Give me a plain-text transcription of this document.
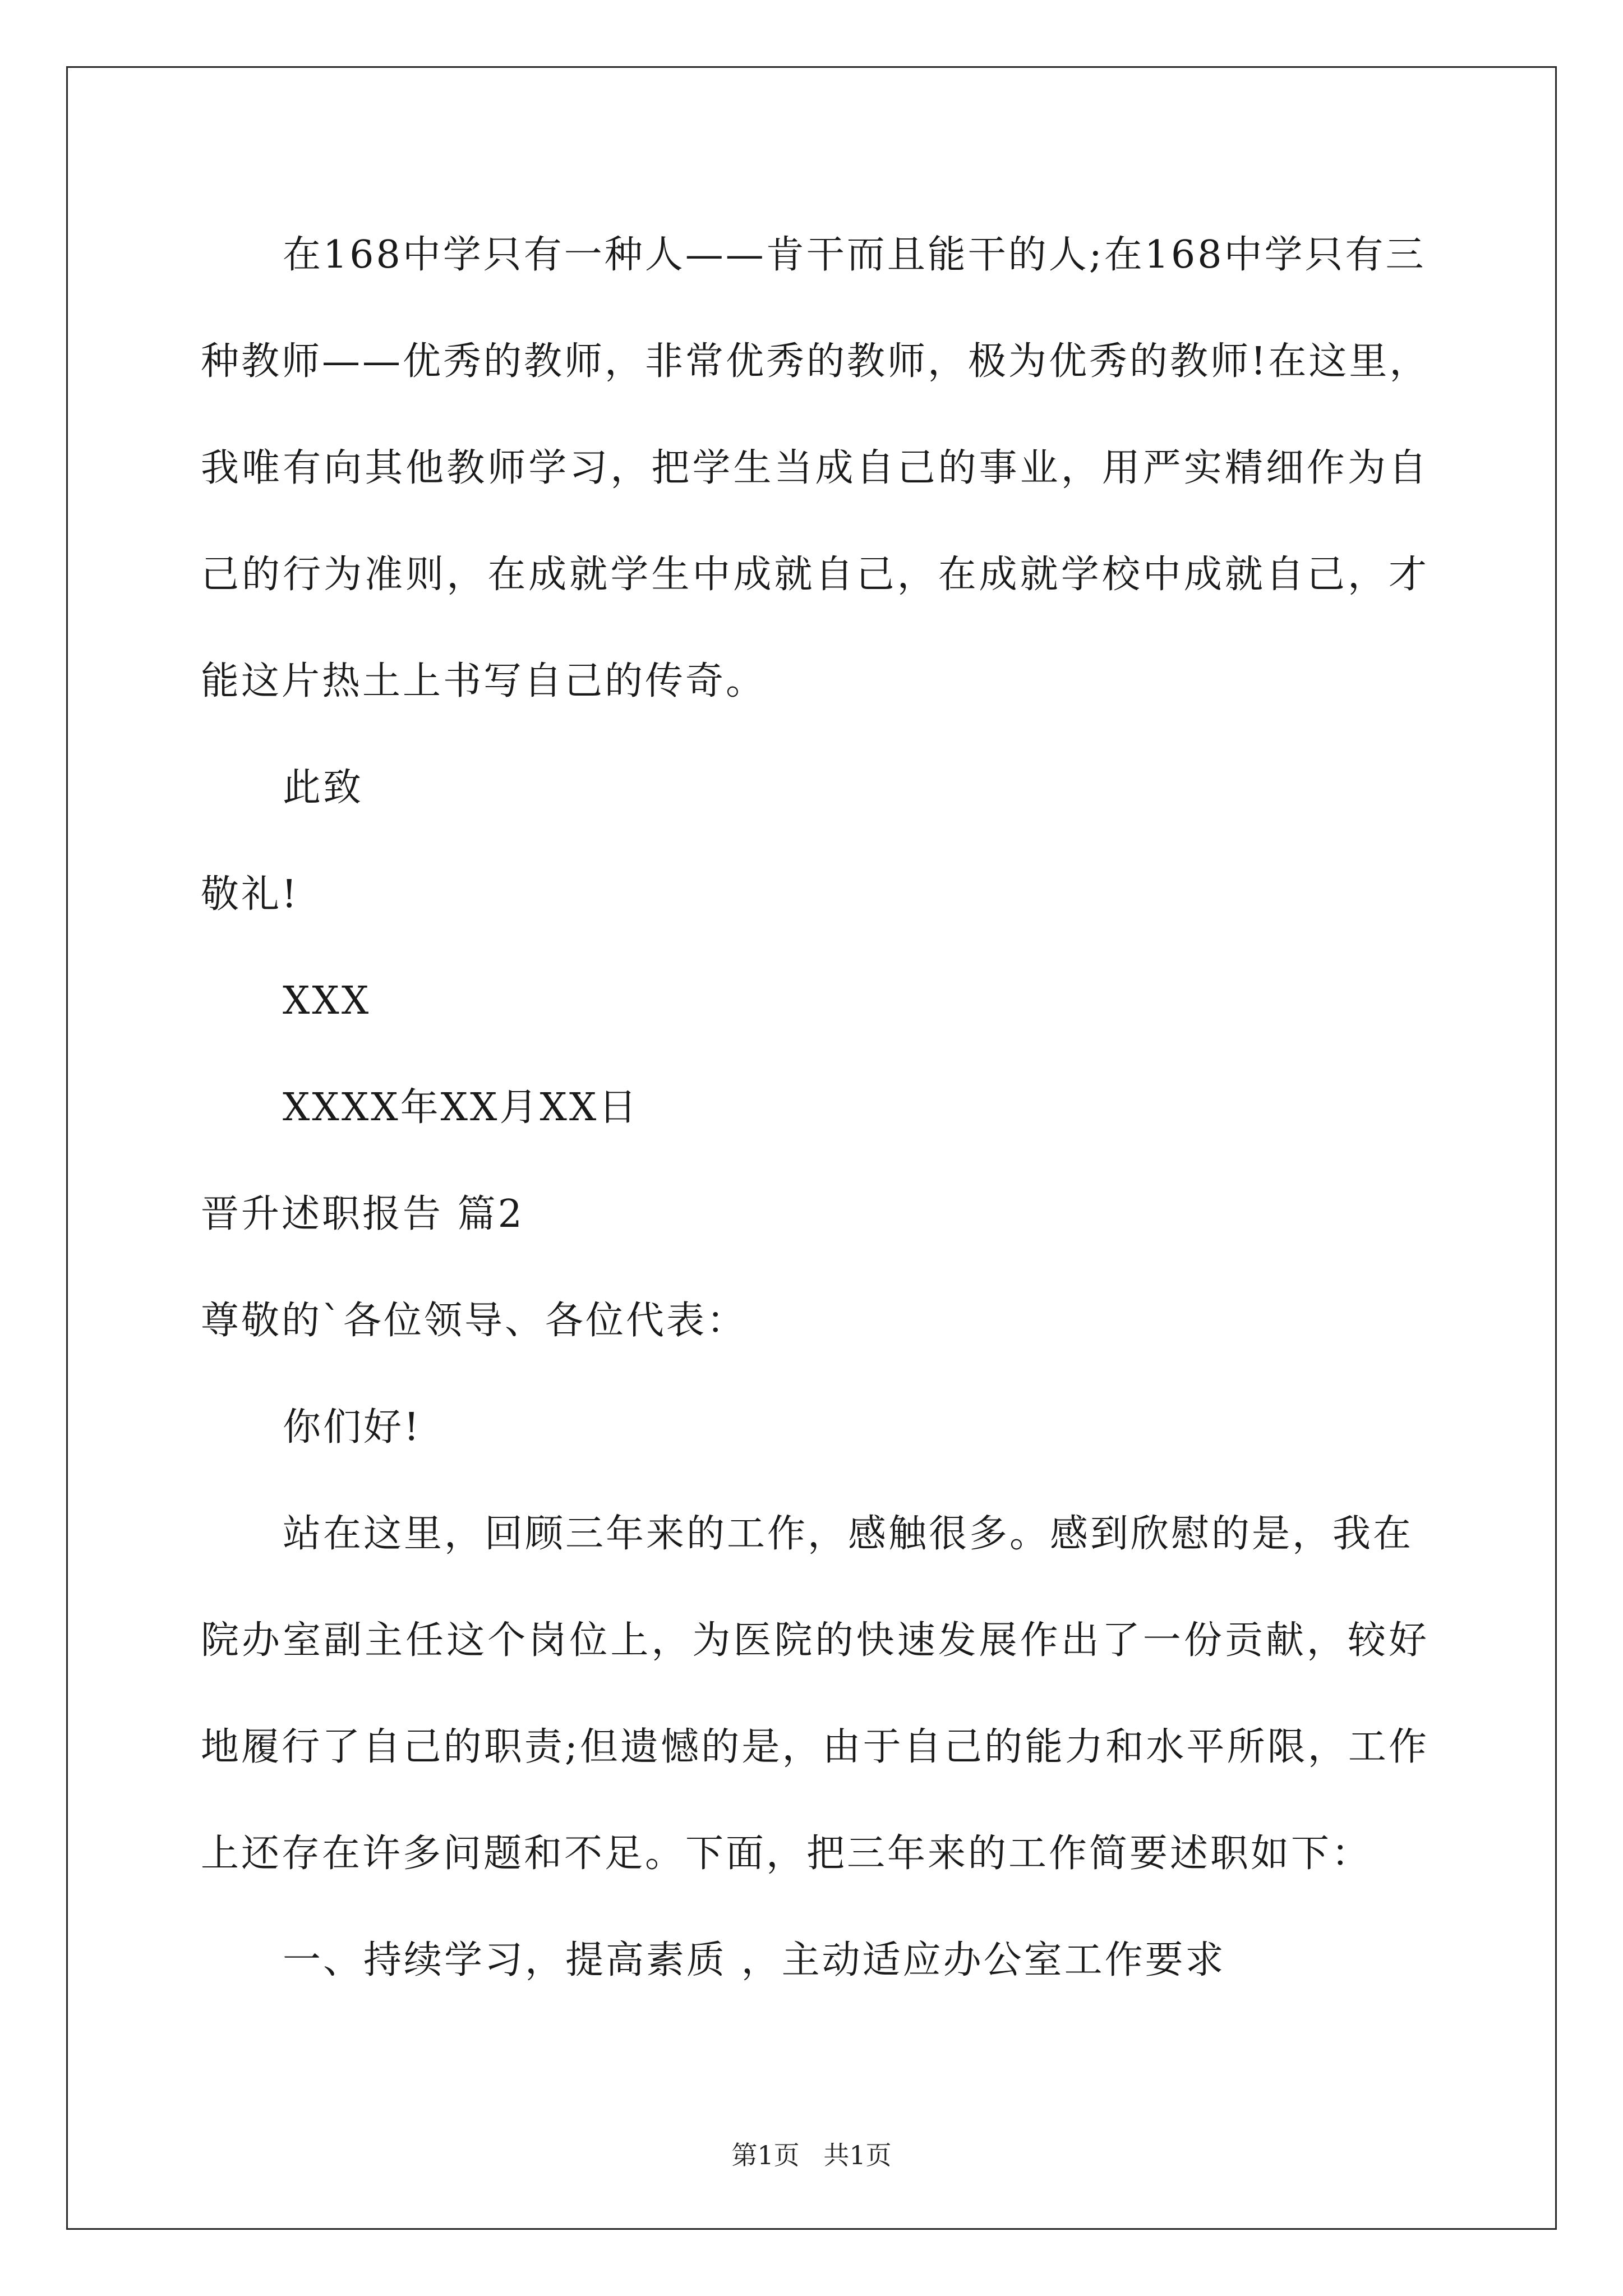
在168中学只有一种人——肯干而且能干的人;在168中学只有三
种教师——优秀的教师，非常优秀的教师，极为优秀的教师!在这里，
我唯有向其他教师学习，把学生当成自己的事业，用严实精细作为自
己的行为准则，在成就学生中成就自己，在成就学校中成就自己，才
能这片热土上书写自己的传奇。
此致
敬礼!
XXX
XXXX年XX月XX日
晋升述职报告 篇2
尊敬的`各位领导、各位代表：
你们好!
站在这里，回顾三年来的工作，感触很多。感到欣慰的是，我在
院办室副主任这个岗位上，为医院的快速发展作出了一份贡献，较好
地履行了自己的职责;但遗憾的是，由于自己的能力和水平所限，工作
上还存在许多问题和不足。下面，把三年来的工作简要述职如下：
一、持续学习，提高素质 ，主动适应办公室工作要求
第1页 共1页
